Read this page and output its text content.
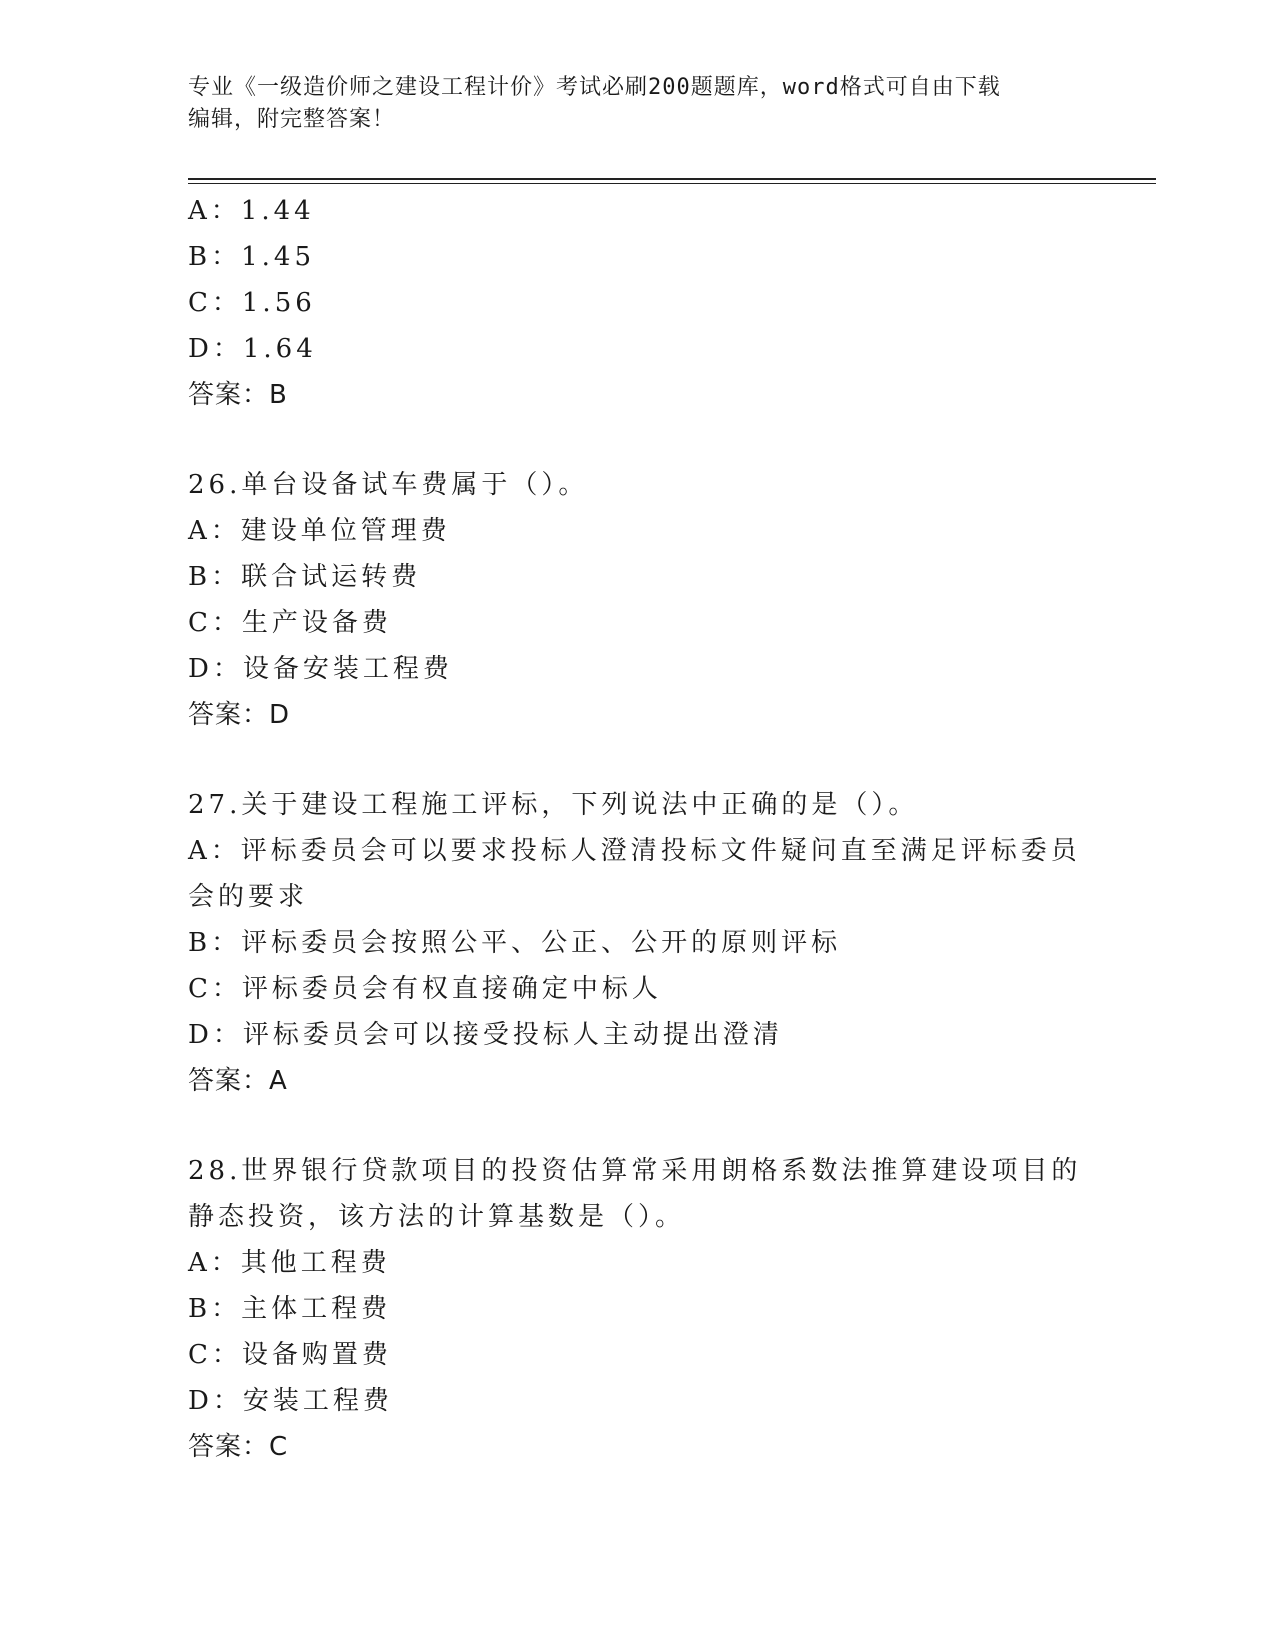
专业《一级造价师之建设工程计价》考试必刷200题题库，word格式可自由下载
编辑，附完整答案！
A：1.44
B：1.45
C：1.56
D：1.64
答案：B
26.单台设备试车费属于（）。
A：建设单位管理费
B：联合试运转费
C：生产设备费
D：设备安装工程费
答案：D
27.关于建设工程施工评标，下列说法中正确的是（）。
A：评标委员会可以要求投标人澄清投标文件疑问直至满足评标委员会的要求
B：评标委员会按照公平、公正、公开的原则评标
C：评标委员会有权直接确定中标人
D：评标委员会可以接受投标人主动提出澄清
答案：A
28.世界银行贷款项目的投资估算常采用朗格系数法推算建设项目的静态投资，该方法的计算基数是（）。
A：其他工程费
B：主体工程费
C：设备购置费
D：安装工程费
答案：C
